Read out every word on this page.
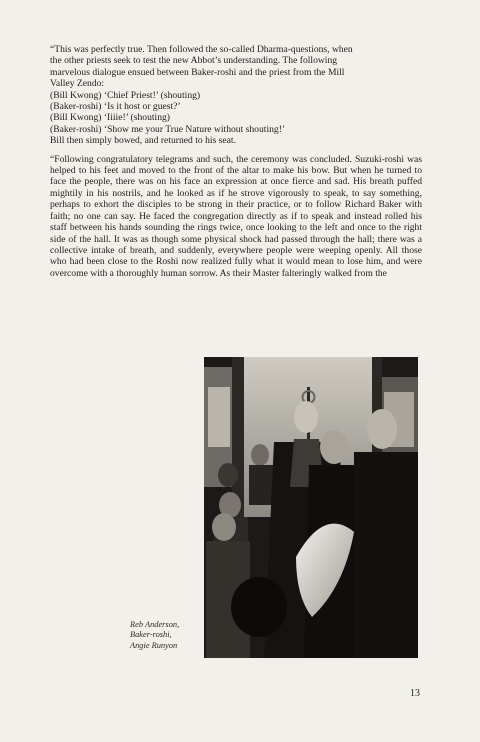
“This was perfectly true. Then followed the so-called Dharma-questions, when
the other priests seek to test the new Abbot’s understanding. The following
marvelous dialogue ensued between Baker-roshi and the priest from the Mill
Valley Zendo:
(Bill Kwong) ‘Chief Priest!’ (shouting)
(Baker-roshi) ‘Is it host or guest?’
(Bill Kwong) ‘Iiiie!’ (shouting)
(Baker-roshi) ‘Show me your True Nature without shouting!’
Bill then simply bowed, and returned to his seat.

“Following congratulatory telegrams and such, the ceremony was concluded. Suzuki-roshi was helped to his feet and moved to the front of the altar to make his bow. But when he turned to face the people, there was on his face an expression at once fierce and sad. His breath puffed mightily in his nostrils, and he looked as if he strove vigorously to speak, to say something, perhaps to exhort the disciples to be strong in their practice, or to follow Richard Baker with faith; no one can say. He faced the congregation directly as if to speak and instead rolled his staff between his hands sounding the rings twice, once looking to the left and once to the right side of the hall. It was as though some physical shock had passed through the hall; there was a collective intake of breath, and suddenly, everywhere people were weeping openly. All those who had been close to the Roshi now realized fully what it would mean to lose him, and were overcome with a thoroughly human sorrow. As their Master falteringly walked from the

Reb Anderson,
Baker-roshi,
Angie Runyon
13
